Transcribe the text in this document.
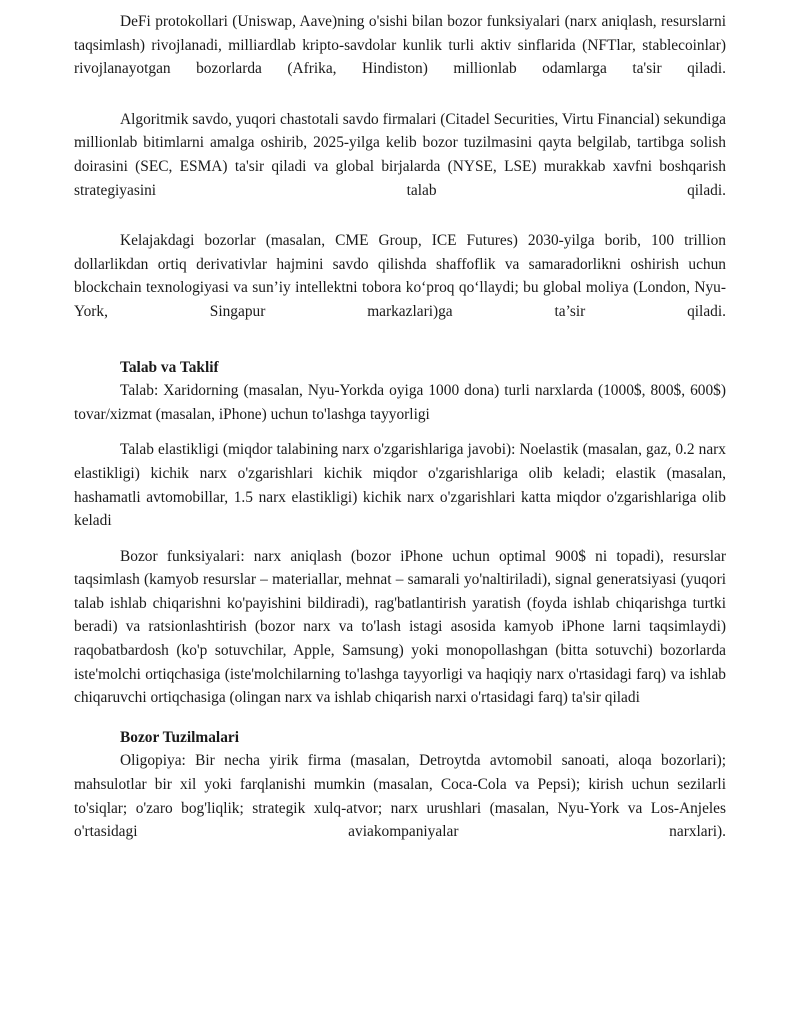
DeFi protokollari (Uniswap, Aave)ning o'sishi bilan bozor funksiyalari (narx aniqlash, resurslarni taqsimlash) rivojlanadi, milliardlab kripto-savdolar kunlik turli aktiv sinflarida (NFTlar, stablecoinlar) rivojlanayotgan bozorlarda (Afrika, Hindiston) millionlab odamlarga ta'sir qiladi.

Algoritmik savdo, yuqori chastotali savdo firmalari (Citadel Securities, Virtu Financial) sekundiga millionlab bitimlarni amalga oshirib, 2025-yilga kelib bozor tuzilmasini qayta belgilab, tartibga solish doirasini (SEC, ESMA) ta'sir qiladi va global birjalarda (NYSE, LSE) murakkab xavfni boshqarish strategiyasini talab qiladi.

Kelajakdagi bozorlar (masalan, CME Group, ICE Futures) 2030-yilga borib, 100 trillion dollarlikdan ortiq derivativlar hajmini savdo qilishda shaffoflik va samaradorlikni oshirish uchun blockchain texnologiyasi va sun’iy intellektni tobora ko‘proq qo‘llaydi; bu global moliya (London, Nyu-York, Singapur markazlari)ga ta’sir qiladi.

Talab va Taklif

Talab: Xaridorning (masalan, Nyu-Yorkda oyiga 1000 dona) turli narxlarda (1000$, 800$, 600$) tovar/xizmat (masalan, iPhone) uchun to'lashga tayyorligi

Talab elastikligi (miqdor talabining narx o'zgarishlariga javobi): Noelastik (masalan, gaz, 0.2 narx elastikligi) kichik narx o'zgarishlari kichik miqdor o'zgarishlariga olib keladi; elastik (masalan, hashamatli avtomobillar, 1.5 narx elastikligi) kichik narx o'zgarishlari katta miqdor o'zgarishlariga olib keladi

Bozor funksiyalari: narx aniqlash (bozor iPhone uchun optimal 900$ ni topadi), resurslar taqsimlash (kamyob resurslar – materiallar, mehnat – samarali yo'naltiriladi), signal generatsiyasi (yuqori talab ishlab chiqarishni ko'payishini bildiradi), rag'batlantirish yaratish (foyda ishlab chiqarishga turtki beradi) va ratsionlashtirish (bozor narx va to'lash istagi asosida kamyob iPhone larni taqsimlaydi) raqobatbardosh (ko'p sotuvchilar, Apple, Samsung) yoki monopollashgan (bitta sotuvchi) bozorlarda iste'molchi ortiqchasiga (iste'molchilarning to'lashga tayyorligi va haqiqiy narx o'rtasidagi farq) va ishlab chiqaruvchi ortiqchasiga (olingan narx va ishlab chiqarish narxi o'rtasidagi farq) ta'sir qiladi

Bozor Tuzilmalari

Oligopiya: Bir necha yirik firma (masalan, Detroytda avtomobil sanoati, aloqa bozorlari); mahsulotlar bir xil yoki farqlanishi mumkin (masalan, Coca-Cola va Pepsi); kirish uchun sezilarli to'siqlar; o'zaro bog'liqlik; strategik xulq-atvor; narx urushlari (masalan, Nyu-York va Los-Anjeles o'rtasidagi aviakompaniyalar narxlari).
